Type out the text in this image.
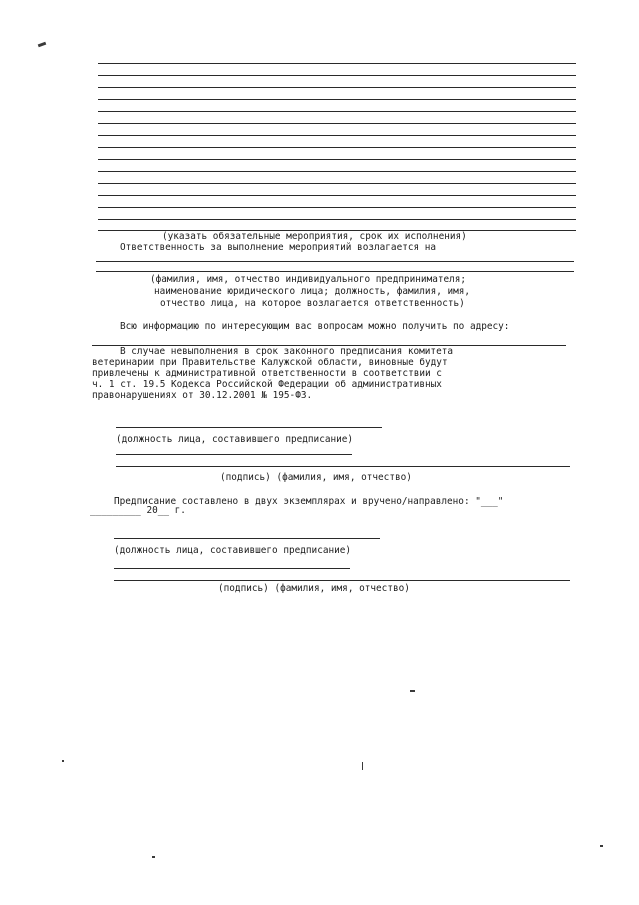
(указать обязательные мероприятия, срок их исполнения)
Ответственность за выполнение мероприятий возлагается на
(фамилия, имя, отчество индивидуального предпринимателя;
наименование юридического лица; должность, фамилия, имя,
отчество лица, на которое возлагается ответственность)
Всю информацию по интересующим вас вопросам можно получить по адресу:
В случае невыполнения в срок законного предписания комитета
ветеринарии при Правительстве Калужской области, виновные будут
привлечены к административной ответственности в соответствии с
ч. 1 ст. 19.5 Кодекса Российской Федерации об административных
правонарушениях от 30.12.2001 № 195-ФЗ.
(должность лица, составившего предписание)
(подпись) (фамилия, имя, отчество)
Предписание составлено в двух экземплярах и вручено/направлено: "___"
_________ 20__ г.
(должность лица, составившего предписание)
(подпись) (фамилия, имя, отчество)
